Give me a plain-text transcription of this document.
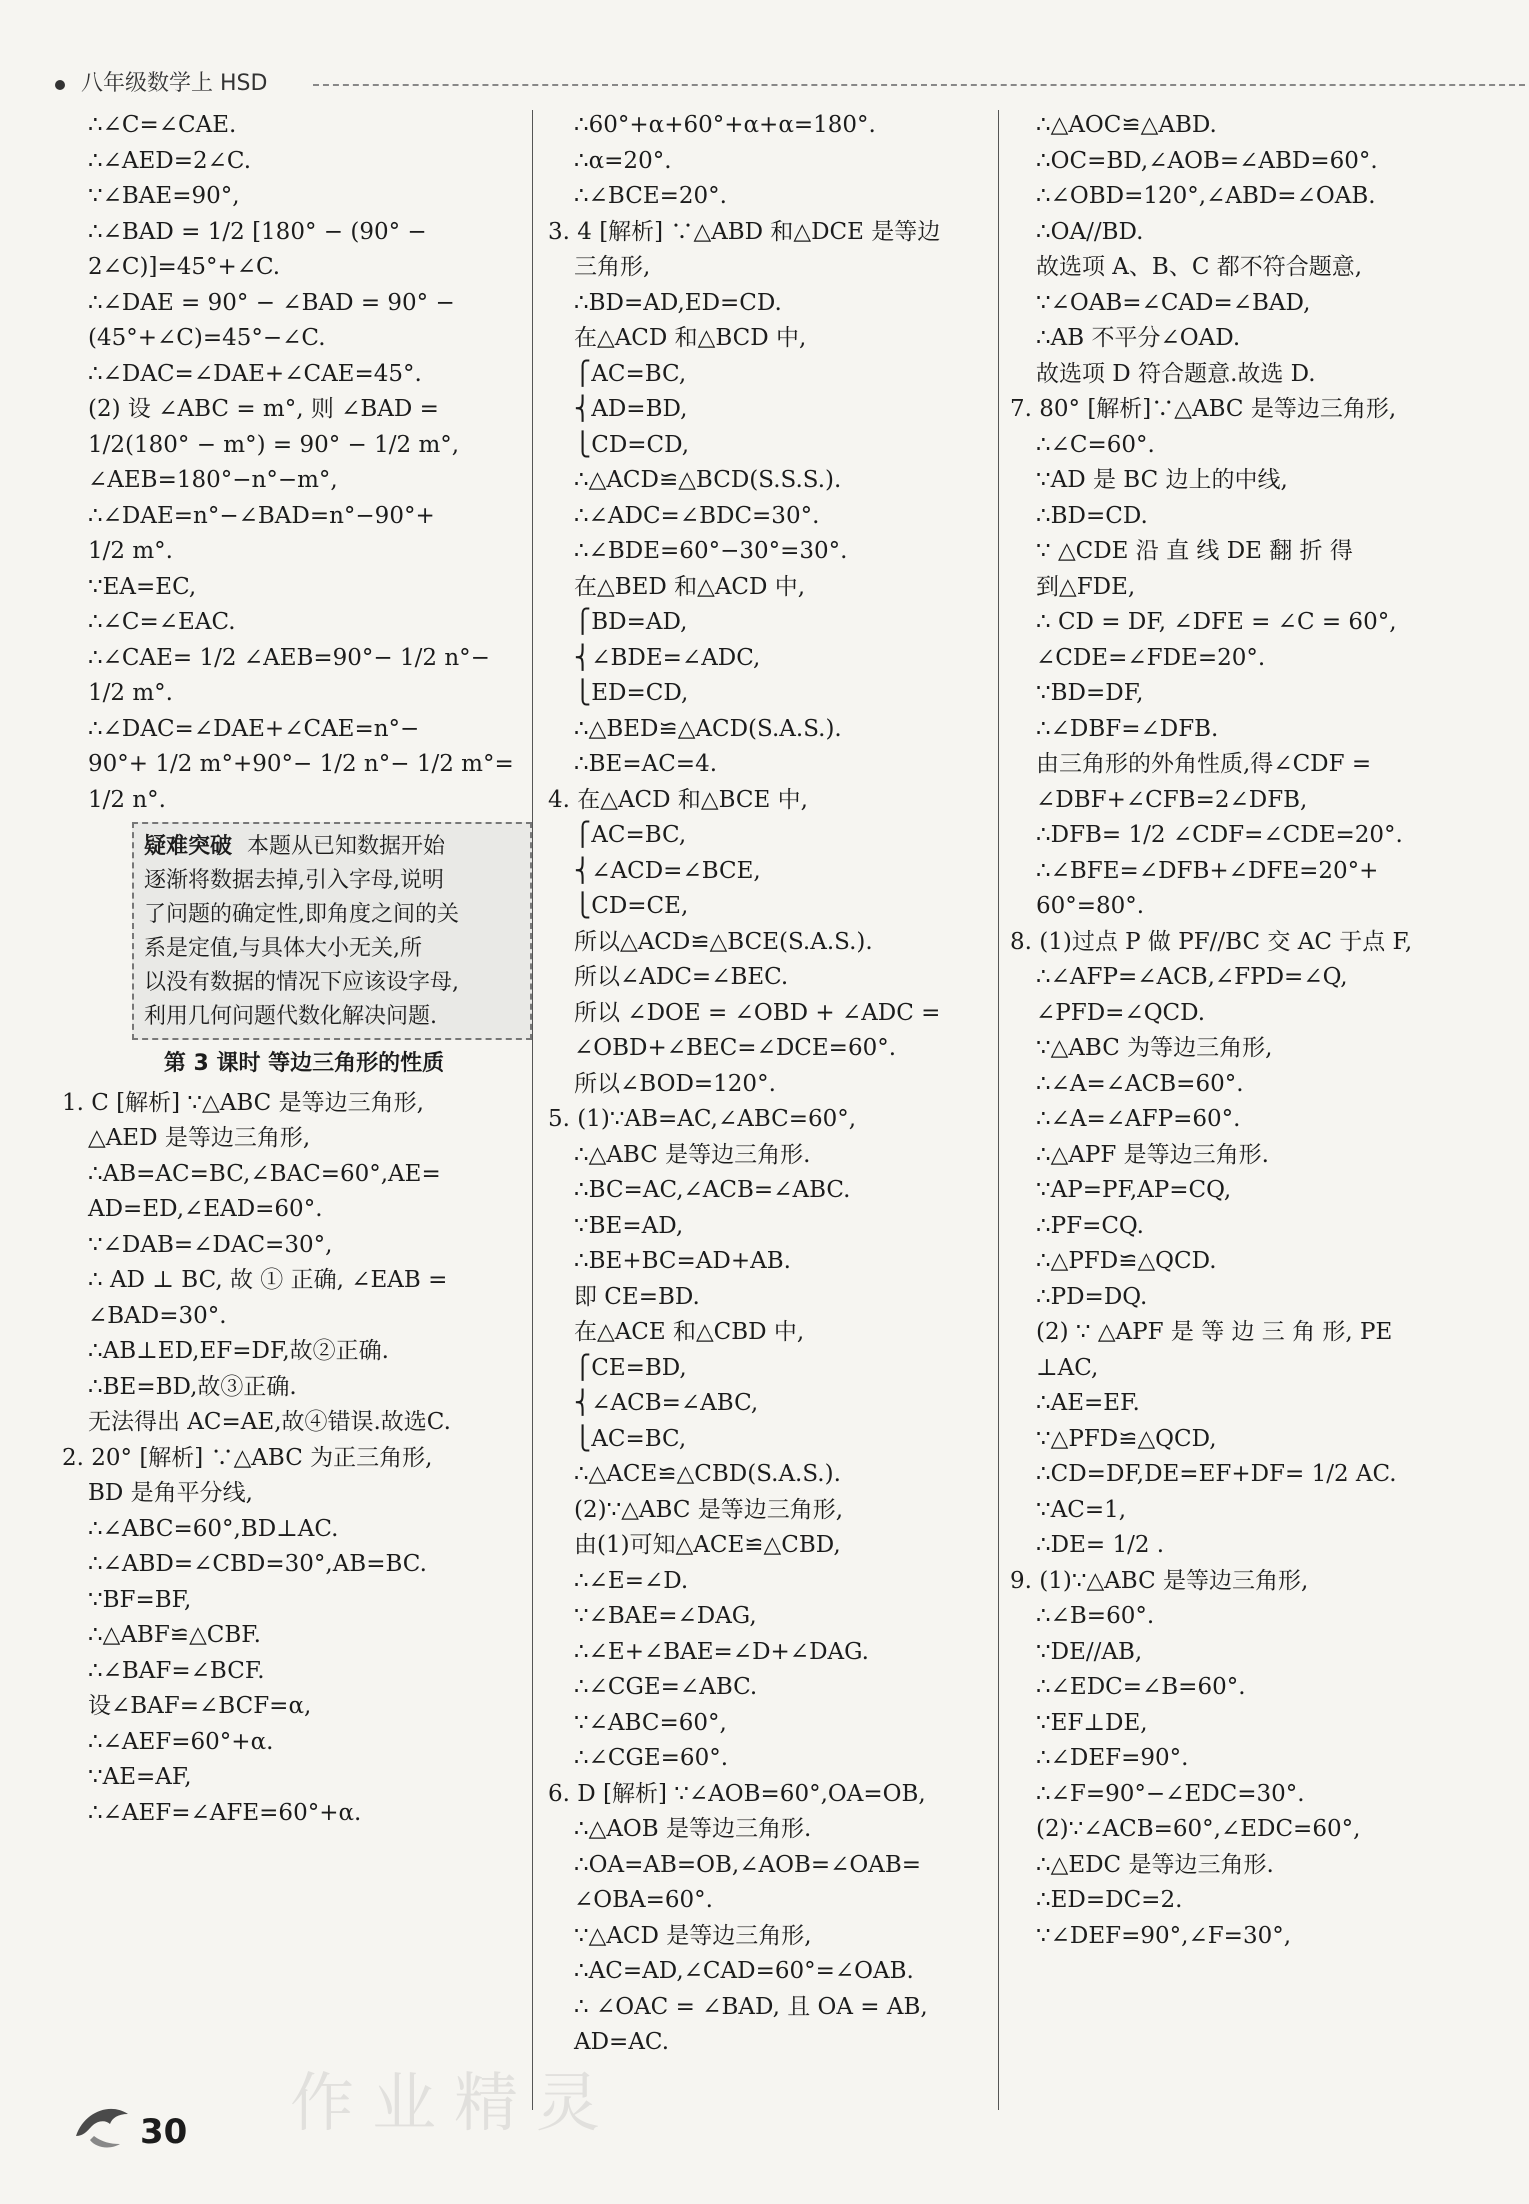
八年级数学上 HSD
∴∠C=∠CAE.
∴∠AED=2∠C.
∵∠BAE=90°,
∴∠BAD = 1/2 [180° − (90° −
2∠C)]=45°+∠C.
∴∠DAE = 90° − ∠BAD = 90° −
(45°+∠C)=45°−∠C.
∴∠DAC=∠DAE+∠CAE=45°.
(2) 设 ∠ABC = m°, 则 ∠BAD =
1/2(180° − m°) = 90° − 1/2 m°,
∠AEB=180°−n°−m°,
∴∠DAE=n°−∠BAD=n°−90°+
1/2 m°.
∵EA=EC,
∴∠C=∠EAC.
∴∠CAE= 1/2 ∠AEB=90°− 1/2 n°−
1/2 m°.
∴∠DAC=∠DAE+∠CAE=n°−
90°+ 1/2 m°+90°− 1/2 n°− 1/2 m°=
1/2 n°.
疑难突破 本题从已知数据开始
逐渐将数据去掉,引入字母,说明
了问题的确定性,即角度之间的关
系是定值,与具体大小无关,所
以没有数据的情况下应该设字母,
利用几何问题代数化解决问题.
第 3 课时 等边三角形的性质
1. C [解析] ∵△ABC 是等边三角形,
△AED 是等边三角形,
∴AB=AC=BC,∠BAC=60°,AE=
AD=ED,∠EAD=60°.
∵∠DAB=∠DAC=30°,
∴ AD ⊥ BC, 故 ① 正确, ∠EAB =
∠BAD=30°.
∴AB⊥ED,EF=DF,故②正确.
∴BE=BD,故③正确.
无法得出 AC=AE,故④错误.故选C.
2. 20° [解析] ∵△ABC 为正三角形,
BD 是角平分线,
∴∠ABC=60°,BD⊥AC.
∴∠ABD=∠CBD=30°,AB=BC.
∵BF=BF,
∴△ABF≌△CBF.
∴∠BAF=∠BCF.
设∠BAF=∠BCF=α,
∴∠AEF=60°+α.
∵AE=AF,
∴∠AEF=∠AFE=60°+α.
∴60°+α+60°+α+α=180°.
∴α=20°.
∴∠BCE=20°.
3. 4 [解析] ∵△ABD 和△DCE 是等边
三角形,
∴BD=AD,ED=CD.
在△ACD 和△BCD 中,
⎧AC=BC,
⎨AD=BD,
⎩CD=CD,
∴△ACD≌△BCD(S.S.S.).
∴∠ADC=∠BDC=30°.
∴∠BDE=60°−30°=30°.
在△BED 和△ACD 中,
⎧BD=AD,
⎨∠BDE=∠ADC,
⎩ED=CD,
∴△BED≌△ACD(S.A.S.).
∴BE=AC=4.
4. 在△ACD 和△BCE 中,
⎧AC=BC,
⎨∠ACD=∠BCE,
⎩CD=CE,
所以△ACD≌△BCE(S.A.S.).
所以∠ADC=∠BEC.
所以 ∠DOE = ∠OBD + ∠ADC =
∠OBD+∠BEC=∠DCE=60°.
所以∠BOD=120°.
5. (1)∵AB=AC,∠ABC=60°,
∴△ABC 是等边三角形.
∴BC=AC,∠ACB=∠ABC.
∵BE=AD,
∴BE+BC=AD+AB.
即 CE=BD.
在△ACE 和△CBD 中,
⎧CE=BD,
⎨∠ACB=∠ABC,
⎩AC=BC,
∴△ACE≌△CBD(S.A.S.).
(2)∵△ABC 是等边三角形,
由(1)可知△ACE≌△CBD,
∴∠E=∠D.
∵∠BAE=∠DAG,
∴∠E+∠BAE=∠D+∠DAG.
∴∠CGE=∠ABC.
∵∠ABC=60°,
∴∠CGE=60°.
6. D [解析] ∵∠AOB=60°,OA=OB,
∴△AOB 是等边三角形.
∴OA=AB=OB,∠AOB=∠OAB=
∠OBA=60°.
∵△ACD 是等边三角形,
∴AC=AD,∠CAD=60°=∠OAB.
∴ ∠OAC = ∠BAD, 且 OA = AB,
AD=AC.
∴△AOC≌△ABD.
∴OC=BD,∠AOB=∠ABD=60°.
∴∠OBD=120°,∠ABD=∠OAB.
∴OA//BD.
故选项 A、B、C 都不符合题意,
∵∠OAB=∠CAD=∠BAD,
∴AB 不平分∠OAD.
故选项 D 符合题意.故选 D.
7. 80° [解析]∵△ABC 是等边三角形,
∴∠C=60°.
∵AD 是 BC 边上的中线,
∴BD=CD.
∵ △CDE 沿 直 线 DE 翻 折 得
到△FDE,
∴ CD = DF, ∠DFE = ∠C = 60°,
∠CDE=∠FDE=20°.
∵BD=DF,
∴∠DBF=∠DFB.
由三角形的外角性质,得∠CDF =
∠DBF+∠CFB=2∠DFB,
∴DFB= 1/2 ∠CDF=∠CDE=20°.
∴∠BFE=∠DFB+∠DFE=20°+
60°=80°.
8. (1)过点 P 做 PF//BC 交 AC 于点 F,
∴∠AFP=∠ACB,∠FPD=∠Q,
∠PFD=∠QCD.
∵△ABC 为等边三角形,
∴∠A=∠ACB=60°.
∴∠A=∠AFP=60°.
∴△APF 是等边三角形.
∵AP=PF,AP=CQ,
∴PF=CQ.
∴△PFD≌△QCD.
∴PD=DQ.
(2) ∵ △APF 是 等 边 三 角 形, PE
⊥AC,
∴AE=EF.
∵△PFD≌△QCD,
∴CD=DF,DE=EF+DF= 1/2 AC.
∵AC=1,
∴DE= 1/2 .
9. (1)∵△ABC 是等边三角形,
∴∠B=60°.
∵DE//AB,
∴∠EDC=∠B=60°.
∵EF⊥DE,
∴∠DEF=90°.
∴∠F=90°−∠EDC=30°.
(2)∵∠ACB=60°,∠EDC=60°,
∴△EDC 是等边三角形.
∴ED=DC=2.
∵∠DEF=90°,∠F=30°,
作业精灵
30
